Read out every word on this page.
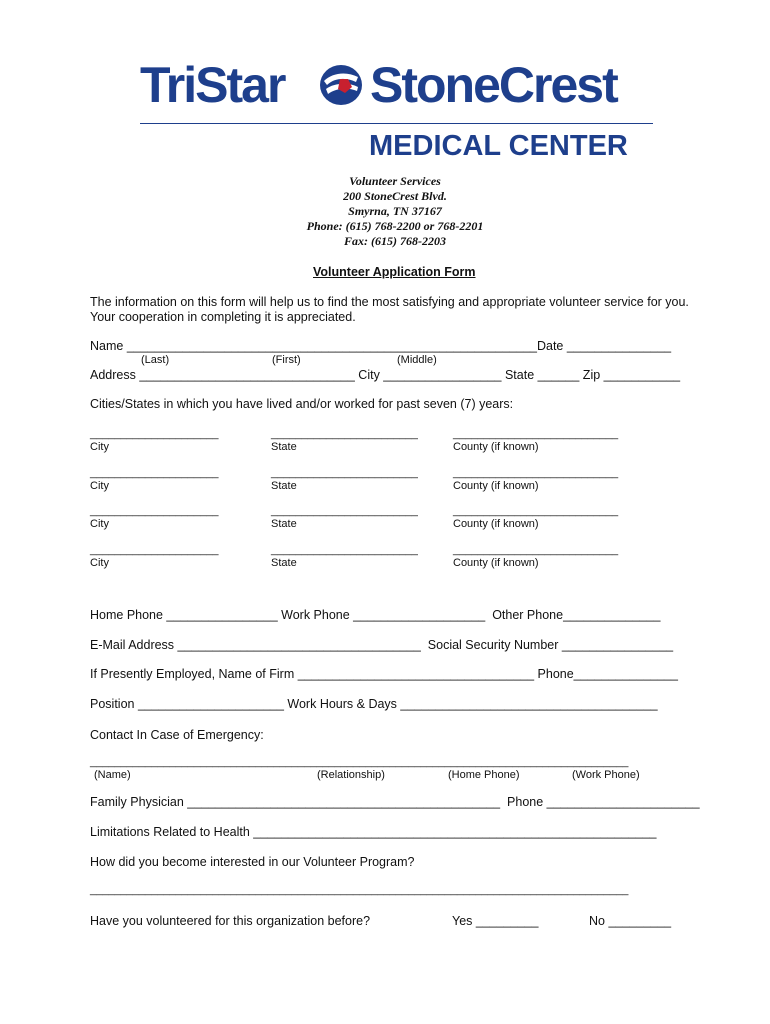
TriStar StoneCrest
MEDICAL CENTER
Volunteer Services
200 StoneCrest Blvd.
Smyrna, TN 37167
Phone: (615) 768-2200 or 768-2201
Fax: (615) 768-2203
Volunteer Application Form
The information on this form will help us to find the most satisfying and appropriate volunteer service for you.
Your cooperation in completing it is appreciated.
Name ___________________________________________________________Date _______________
(Last)	(First)	(Middle)
Address _______________________________ City _________________ State ______ Zip ___________
Cities/States in which you have lived and/or worked for past seven (7) years:
_____________________	________________________	___________________________
City	State	County (if known)
_____________________	________________________	___________________________
City	State	County (if known)
_____________________	________________________	___________________________
City	State	County (if known)
_____________________	________________________	___________________________
City	State	County (if known)
Home Phone ________________ Work Phone ___________________  Other Phone______________
E-Mail Address ___________________________________  Social Security Number ________________
If Presently Employed, Name of Firm __________________________________ Phone_______________
Position _____________________ Work Hours & Days _____________________________________
Contact In Case of Emergency:
________________________________________________________________________________________
(Name)	(Relationship)	(Home Phone)	(Work Phone)
Family Physician _____________________________________________  Phone ______________________
Limitations Related to Health __________________________________________________________
How did you become interested in our Volunteer Program?
________________________________________________________________________________________
Have you volunteered for this organization before?	Yes _________	No _________
